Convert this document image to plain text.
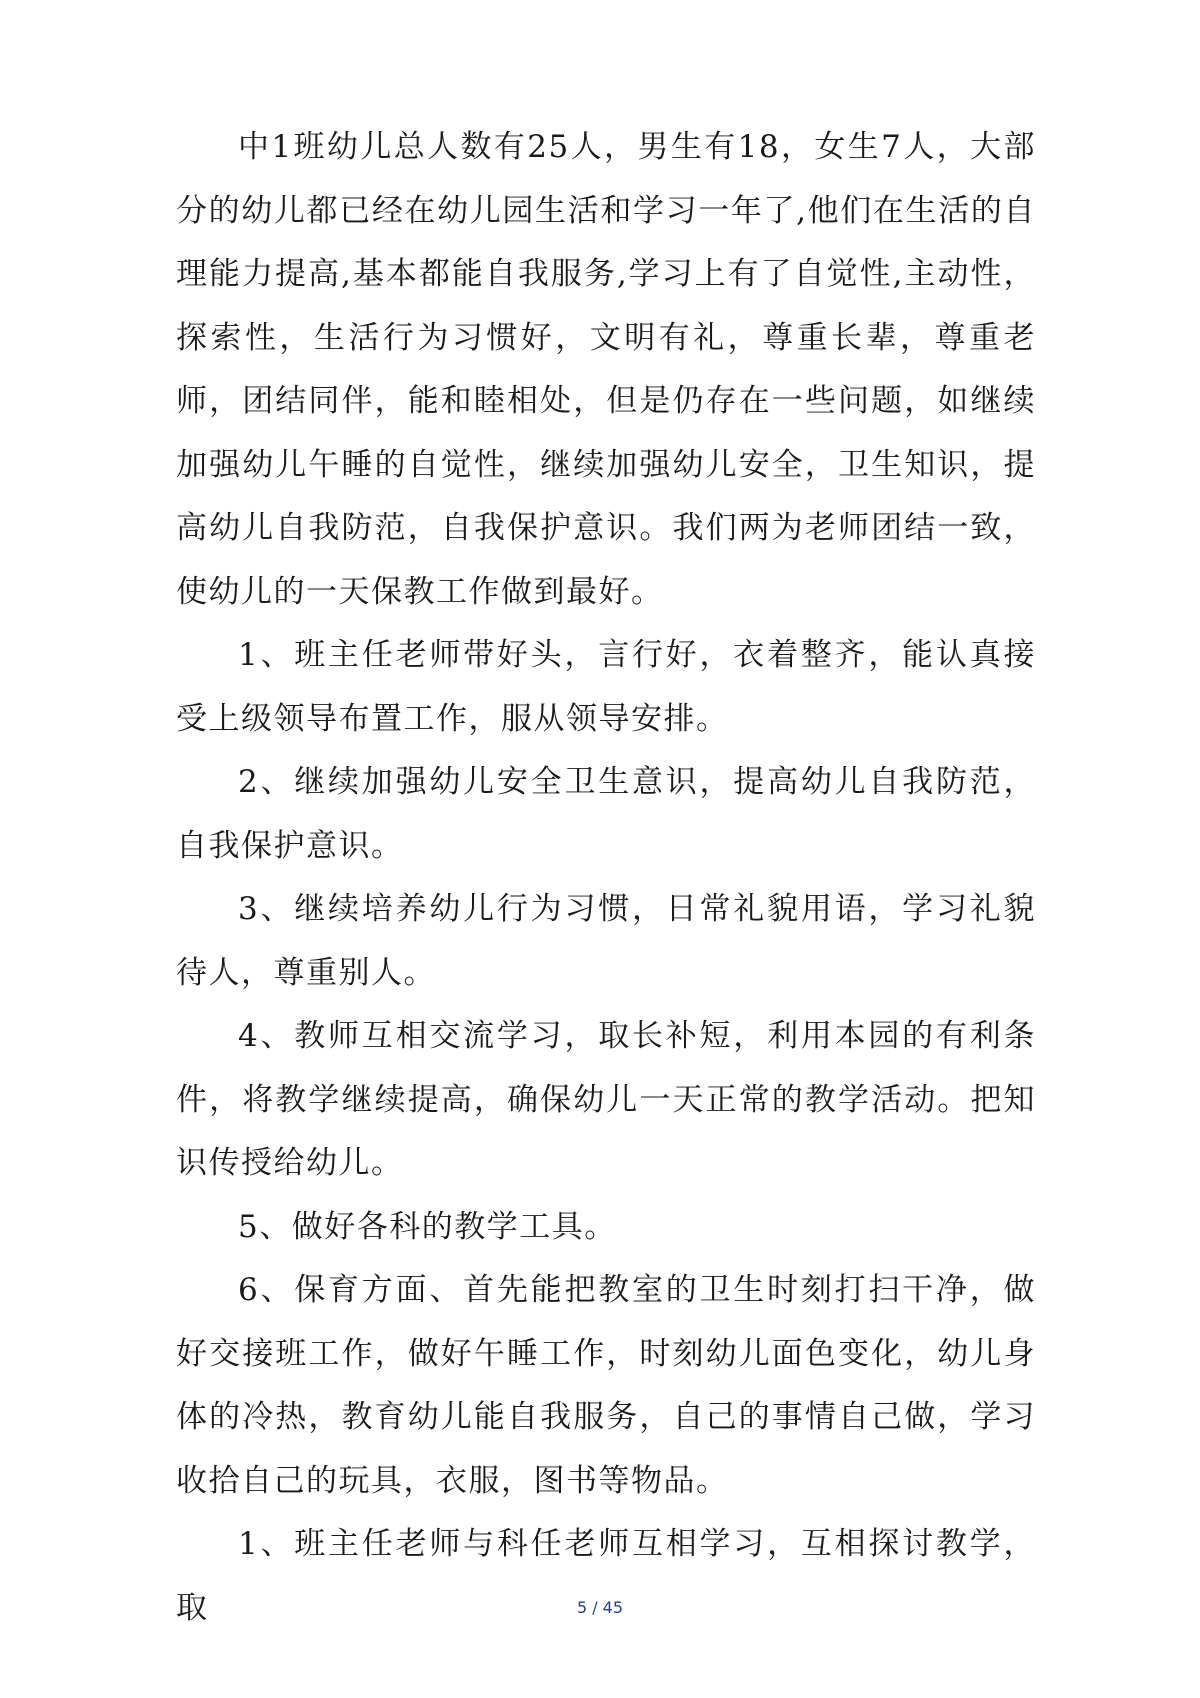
中1班幼儿总人数有25人，男生有18，女生7人，大部分的幼儿都已经在幼儿园生活和学习一年了,他们在生活的自理能力提高,基本都能自我服务,学习上有了自觉性,主动性，探索性，生活行为习惯好，文明有礼，尊重长辈，尊重老师，团结同伴，能和睦相处，但是仍存在一些问题，如继续加强幼儿午睡的自觉性，继续加强幼儿安全，卫生知识，提高幼儿自我防范，自我保护意识。我们两为老师团结一致，使幼儿的一天保教工作做到最好。

1、班主任老师带好头，言行好，衣着整齐，能认真接受上级领导布置工作，服从领导安排。

2、继续加强幼儿安全卫生意识，提高幼儿自我防范，自我保护意识。

3、继续培养幼儿行为习惯，日常礼貌用语，学习礼貌待人，尊重别人。

4、教师互相交流学习，取长补短，利用本园的有利条件，将教学继续提高，确保幼儿一天正常的教学活动。把知识传授给幼儿。

5、做好各科的教学工具。

6、保育方面、首先能把教室的卫生时刻打扫干净，做好交接班工作，做好午睡工作，时刻幼儿面色变化，幼儿身体的冷热，教育幼儿能自我服务，自己的事情自己做，学习收拾自己的玩具，衣服，图书等物品。

1、班主任老师与科任老师互相学习，互相探讨教学，取	5 / 45
